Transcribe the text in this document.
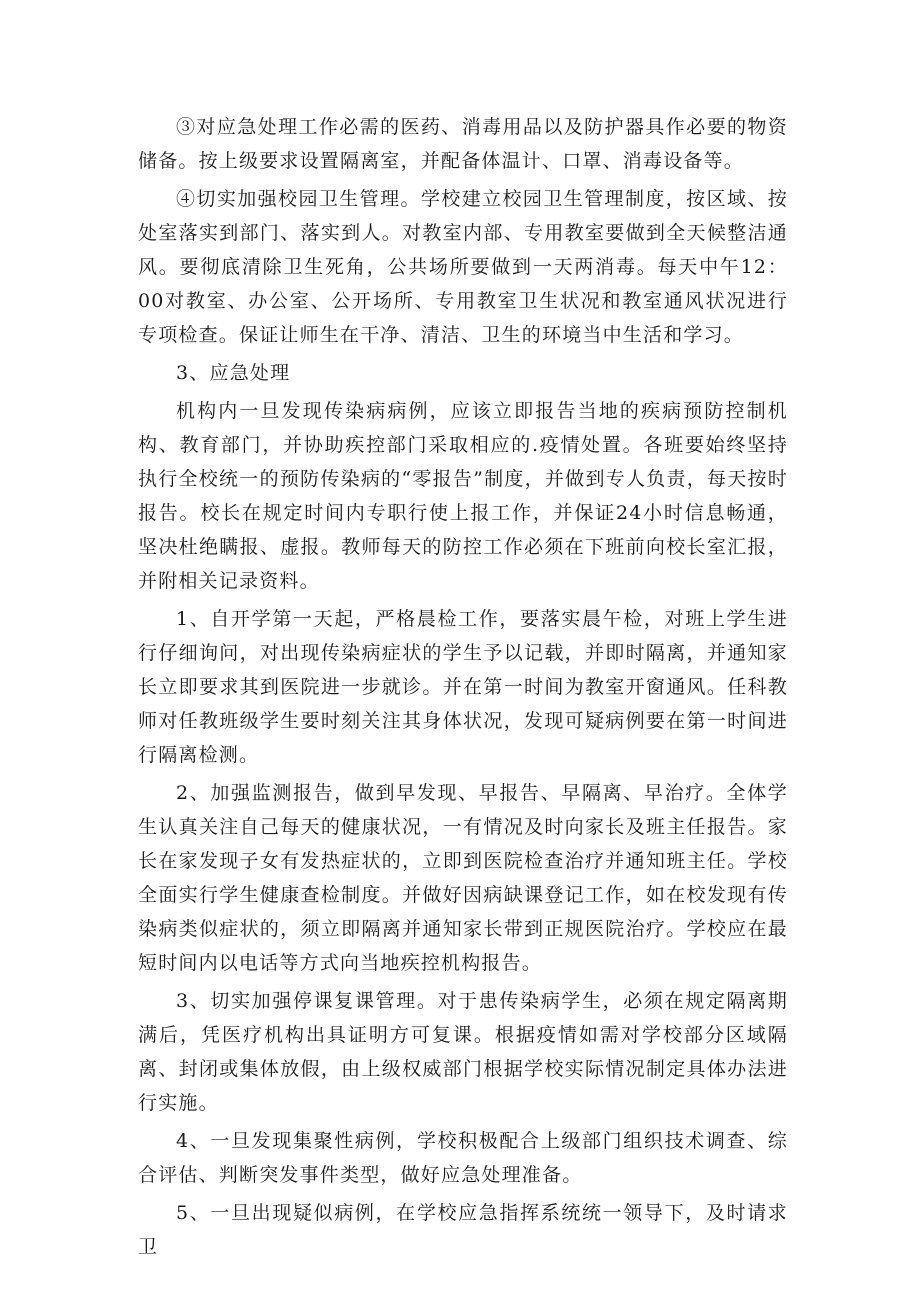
③对应急处理工作必需的医药、消毒用品以及防护器具作必要的物资储备。按上级要求设置隔离室，并配备体温计、口罩、消毒设备等。

④切实加强校园卫生管理。学校建立校园卫生管理制度，按区域、按处室落实到部门、落实到人。对教室内部、专用教室要做到全天候整洁通风。要彻底清除卫生死角，公共场所要做到一天两消毒。每天中午12：00对教室、办公室、公开场所、专用教室卫生状况和教室通风状况进行专项检查。保证让师生在干净、清洁、卫生的环境当中生活和学习。

3、应急处理

机构内一旦发现传染病病例，应该立即报告当地的疾病预防控制机构、教育部门，并协助疾控部门采取相应的.疫情处置。各班要始终坚持执行全校统一的预防传染病的“零报告”制度，并做到专人负责，每天按时报告。校长在规定时间内专职行使上报工作，并保证24小时信息畅通，坚决杜绝瞒报、虚报。教师每天的防控工作必须在下班前向校长室汇报，并附相关记录资料。

1、自开学第一天起，严格晨检工作，要落实晨午检，对班上学生进行仔细询问，对出现传染病症状的学生予以记载，并即时隔离，并通知家长立即要求其到医院进一步就诊。并在第一时间为教室开窗通风。任科教师对任教班级学生要时刻关注其身体状况，发现可疑病例要在第一时间进行隔离检测。

2、加强监测报告，做到早发现、早报告、早隔离、早治疗。全体学生认真关注自己每天的健康状况，一有情况及时向家长及班主任报告。家长在家发现子女有发热症状的，立即到医院检查治疗并通知班主任。学校全面实行学生健康查检制度。并做好因病缺课登记工作，如在校发现有传染病类似症状的，须立即隔离并通知家长带到正规医院治疗。学校应在最短时间内以电话等方式向当地疾控机构报告。

3、切实加强停课复课管理。对于患传染病学生，必须在规定隔离期满后，凭医疗机构出具证明方可复课。根据疫情如需对学校部分区域隔离、封闭或集体放假，由上级权威部门根据学校实际情况制定具体办法进行实施。

4、一旦发现集聚性病例，学校积极配合上级部门组织技术调查、综合评估、判断突发事件类型，做好应急处理准备。

5、一旦出现疑似病例，在学校应急指挥系统统一领导下，及时请求卫
